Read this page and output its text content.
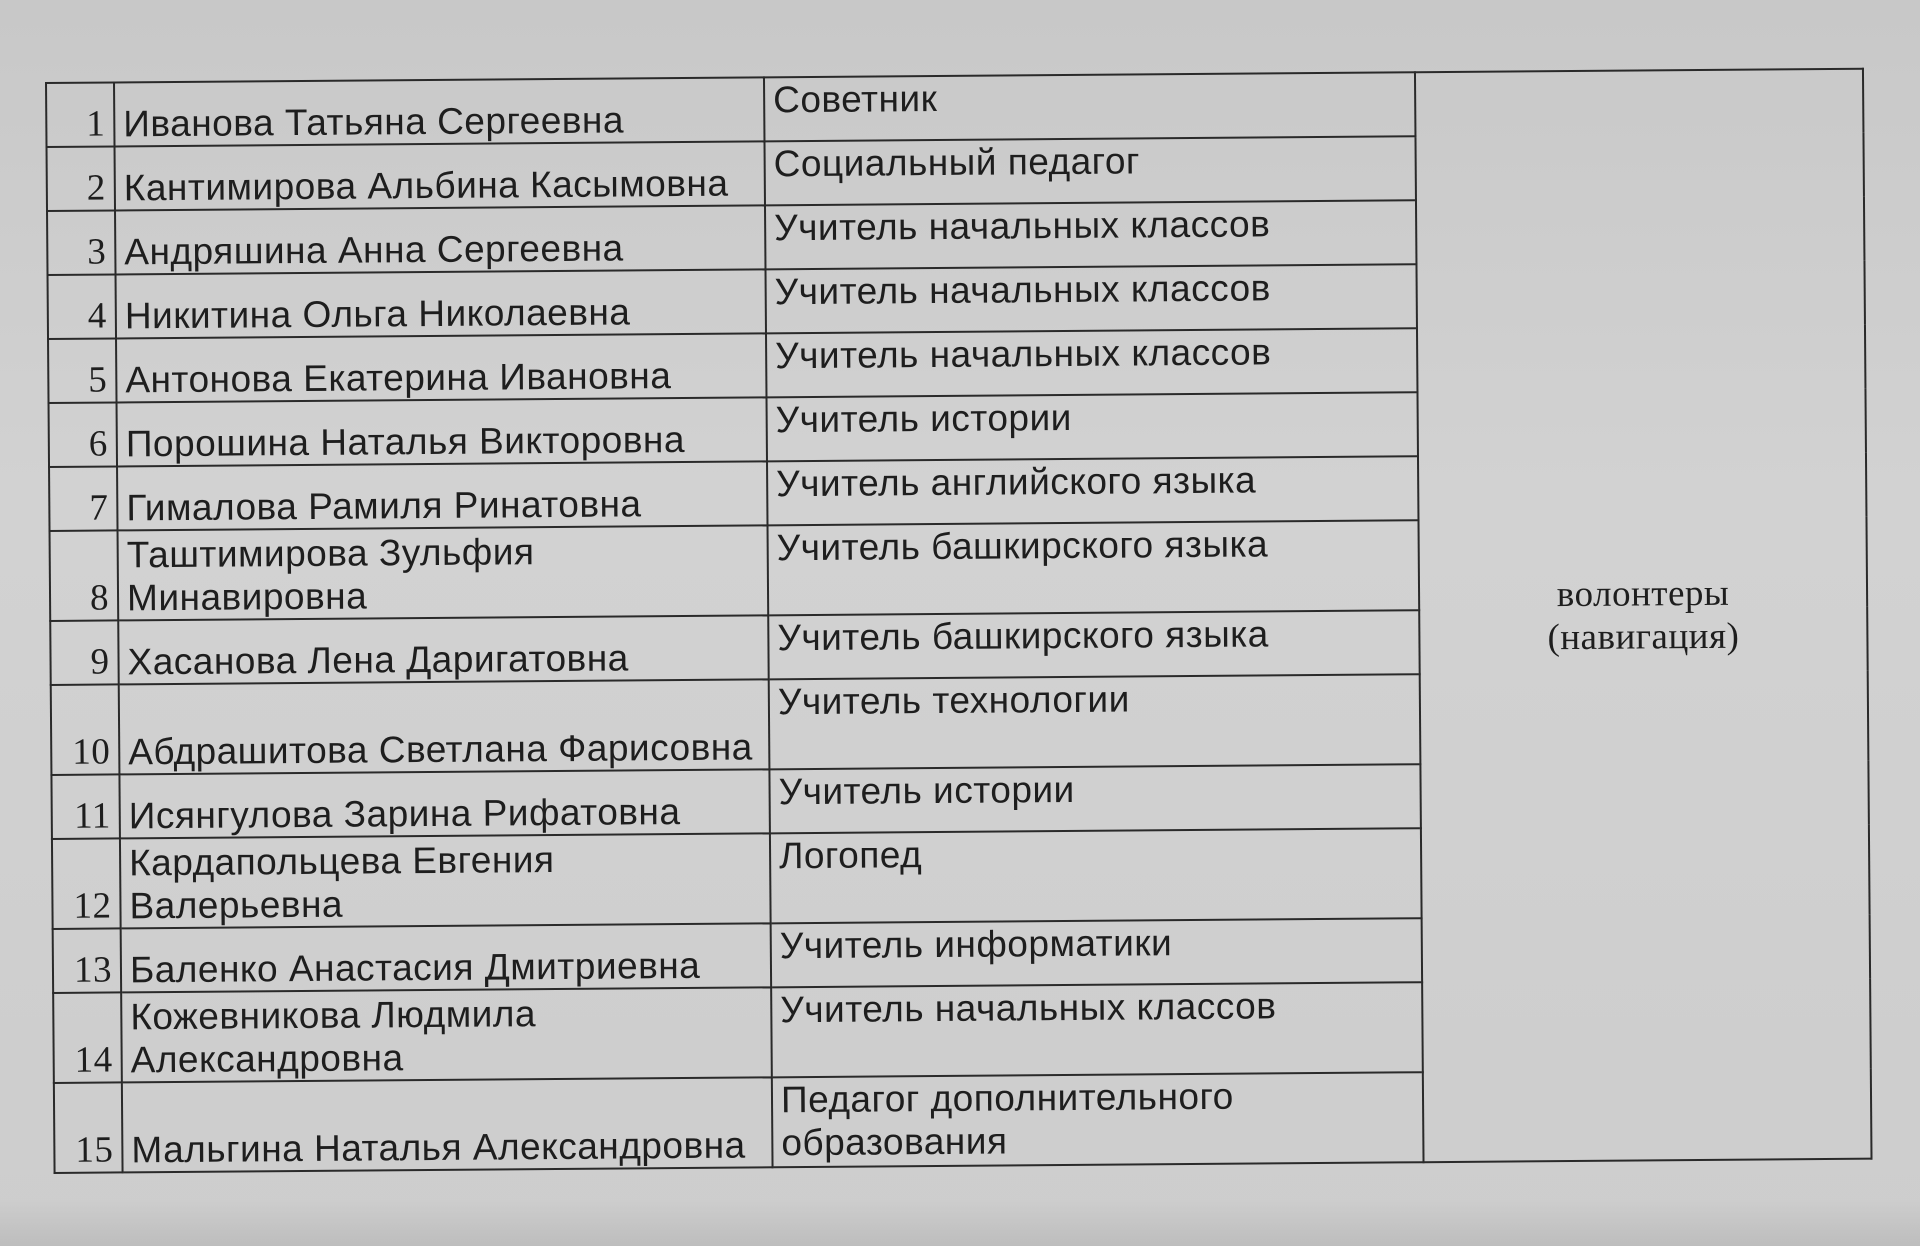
1	Иванова Татьяна Сергеевна	Советник	волонтеры
(навигация)

2	Кантимирова Альбина Касымовна	Социальный педагог	
3	Андряшина Анна Сергеевна	Учитель начальных классов	
4	Никитина Ольга Николаевна	Учитель начальных классов	
5	Антонова Екатерина Ивановна	Учитель начальных классов	
6	Порошина Наталья Викторовна	Учитель истории	
7	Гималова Рамиля Ринатовна	Учитель английского языка	
8	Таштимирова Зульфия Минавировна	Учитель башкирского языка	
9	Хасанова Лена Даригатовна	Учитель башкирского языка	
10	Абдрашитова Светлана Фарисовна	Учитель технологии	
11	Исянгулова Зарина Рифатовна	Учитель истории	
12	Кардапольцева Евгения Валерьевна	Логопед	
13	Баленко Анастасия Дмитриевна	Учитель информатики	
14	Кожевникова Людмила Александровна	Учитель начальных классов	
15	Мальгина Наталья Александровна	Педагог дополнительного образования	
